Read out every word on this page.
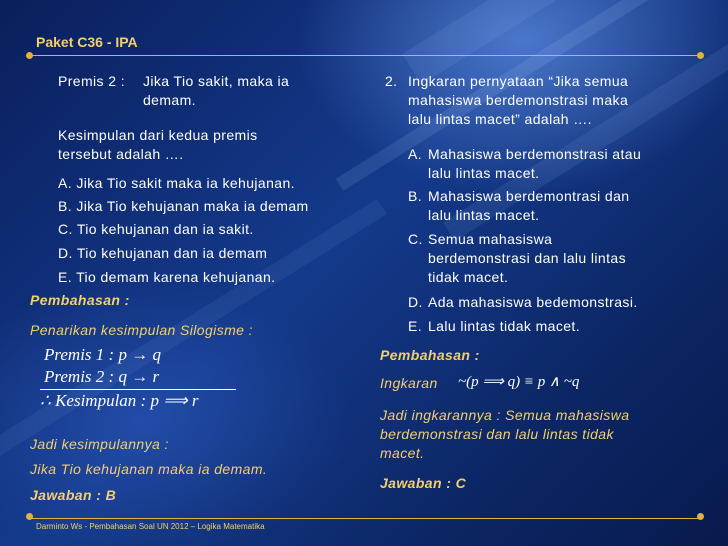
Paket C36 - IPA
Premis 2 : Jika Tio sakit, maka ia
demam.
Kesimpulan dari kedua premis
tersebut adalah ….
A. Jika Tio sakit maka ia kehujanan.
B. Jika Tio kehujanan maka ia demam
C. Tio kehujanan dan ia sakit.
D. Tio kehujanan dan ia demam
E. Tio demam karena kehujanan.
Pembahasan :
Penarikan kesimpulan Silogisme :
Premis 1 : p → q
Premis 2 : q → r
∴ Kesimpulan : p ⟹ r
Jadi kesimpulannya :
Jika Tio kehujanan maka ia demam.
Jawaban : B
2. Ingkaran pernyataan “Jika semua
mahasiswa berdemonstrasi maka
lalu lintas macet” adalah ….
A. Mahasiswa berdemonstrasi atau
lalu lintas macet.
B. Mahasiswa berdemontrasi dan
lalu lintas macet.
C. Semua mahasiswa
berdemonstrasi dan lalu lintas
tidak macet.
D. Ada mahasiswa bedemonstrasi.
E. Lalu lintas tidak macet.
Pembahasan :
Ingkaran ~(p ⟹ q) ≡ p ∧ ~q
Jadi ingkarannya : Semua mahasiswa
berdemonstrasi dan lalu lintas tidak
macet.
Jawaban : C
Darminto Ws - Pembahasan Soal UN 2012 – Logika Matematika
